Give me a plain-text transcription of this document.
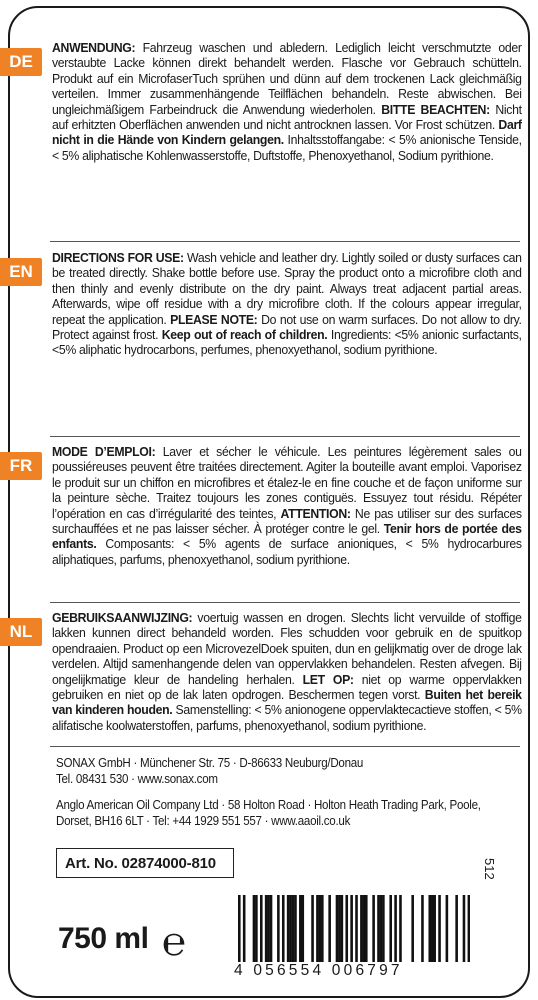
DE
ANWENDUNG: Fahrzeug waschen und abledern. Lediglich leicht verschmutzte oder verstaubte Lacke können direkt behandelt werden. Flasche vor Gebrauch schütteln. Produkt auf ein MicrofaserTuch sprühen und dünn auf dem trockenen Lack gleichmäßig verteilen. Immer zusammenhängende Teilflächen behandeln. Reste abwischen. Bei ungleichmäßigem Farbeindruck die Anwendung wiederholen. BITTE BEACHTEN: Nicht auf erhitzten Oberflächen anwenden und nicht antrocknen lassen. Vor Frost schützen. Darf nicht in die Hände von Kindern gelangen. Inhaltsstoffangabe: < 5% anionische Tenside, < 5% aliphatische Kohlenwasserstoffe, Duftstoffe, Phenoxyethanol, Sodium pyrithione.
EN
DIRECTIONS FOR USE: Wash vehicle and leather dry. Lightly soiled or dusty surfaces can be treated directly. Shake bottle before use. Spray the product onto a microfibre cloth and then thinly and evenly distribute on the dry paint. Always treat adjacent partial areas. Afterwards, wipe off residue with a dry microfibre cloth. If the colours appear irregular, repeat the application. PLEASE NOTE: Do not use on warm surfaces. Do not allow to dry. Protect against frost. Keep out of reach of children. Ingredients: <5% anionic surfactants, <5% aliphatic hydrocarbons, perfumes, phenoxyethanol, sodium pyrithione.
FR
MODE D’EMPLOI: Laver et sécher le véhicule. Les peintures légèrement sales ou poussiéreuses peuvent être traitées directement. Agiter la bouteille avant emploi. Vaporisez le produit sur un chiffon en microfibres et étalez-le en fine couche et de façon uniforme sur la peinture sèche. Traitez toujours les zones contiguës. Essuyez tout résidu. Répéter l’opération en cas d’irrégularité des teintes, ATTENTION: Ne pas utiliser sur des surfaces surchauffées et ne pas laisser sécher. À protéger contre le gel. Tenir hors de portée des enfants. Composants: < 5% agents de surface anioniques, < 5% hydrocarbures aliphatiques, parfums, phenoxyethanol, sodium pyrithione.
NL
GEBRUIKSAANWIJZING: voertuig wassen en drogen. Slechts licht vervuilde of stoffige lakken kunnen direct behandeld worden. Fles schudden voor gebruik en de spuitkop opendraaien. Product op een MicrovezelDoek spuiten, dun en gelijkmatig over de droge lak verdelen. Altijd samenhangende delen van oppervlakken behandelen. Resten afvegen. Bij ongelijkmatige kleur de handeling herhalen. LET OP: niet op warme oppervlakken gebruiken en niet op de lak laten opdrogen. Beschermen tegen vorst. Buiten het bereik van kinderen houden. Samenstelling: < 5% anionogene oppervlaktecactieve stoffen, < 5% alifatische koolwaterstoffen, parfums, phenoxyethanol, sodium pyrithione.
SONAX GmbH · Münchener Str. 75 · D-86633 Neuburg/Donau
Tel. 08431 530 · www.sonax.com
Anglo American Oil Company Ltd · 58 Holton Road · Holton Heath Trading Park, Poole,
Dorset, BH16 6LT · Tel: +44 1929 551 557 · www.aaoil.co.uk
Art. No. 02874000-810	512
750 ml ℮
4 056554 006797
